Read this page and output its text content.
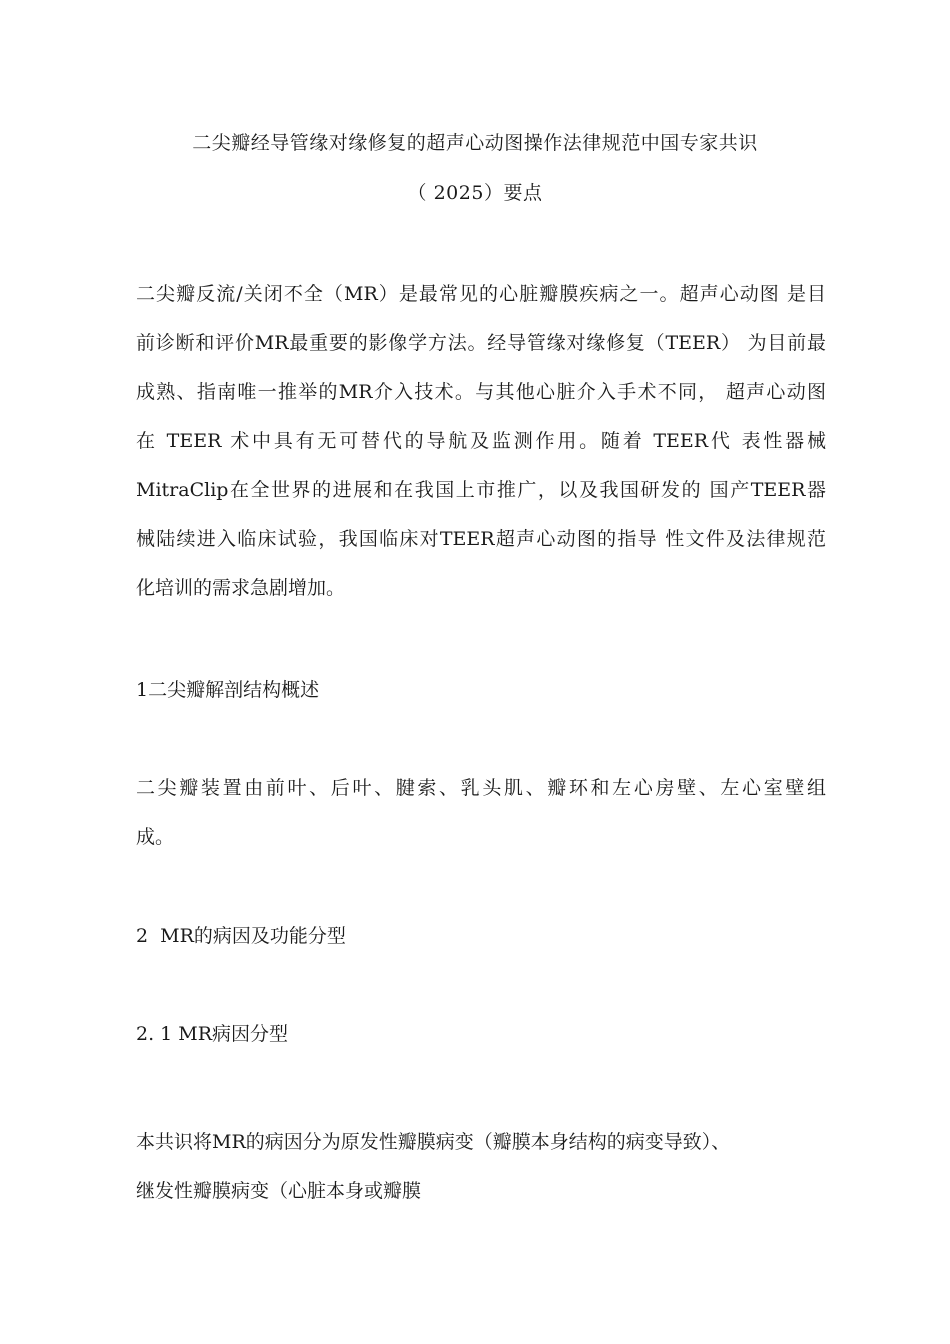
二尖瓣经导管缘对缘修复的超声心动图操作法律规范中国专家共识
（ 2025）要点
二尖瓣反流/关闭不全（MR）是最常见的心脏瓣膜疾病之一。超声心动图 是目
前诊断和评价MR最重要的影像学方法。经导管缘对缘修复（TEER） 为目前最
成熟、指南唯一推举的MR介入技术。与其他心脏介入手术不同， 超声心动图
在 TEER 术中具有无可替代的导航及监测作用。随着 TEER代 表性器械
MitraClip在全世界的进展和在我国上市推广，以及我国研发的 国产TEER器
械陆续进入临床试验，我国临床对TEER超声心动图的指导 性文件及法律规范
化培训的需求急剧增加。
1二尖瓣解剖结构概述
二尖瓣装置由前叶、后叶、腱索、乳头肌、瓣环和左心房壁、左心室壁组
成。
2  MR的病因及功能分型
2. 1 MR病因分型
本共识将MR的病因分为原发性瓣膜病变（瓣膜本身结构的病变导致）、
继发性瓣膜病变（心脏本身或瓣膜
